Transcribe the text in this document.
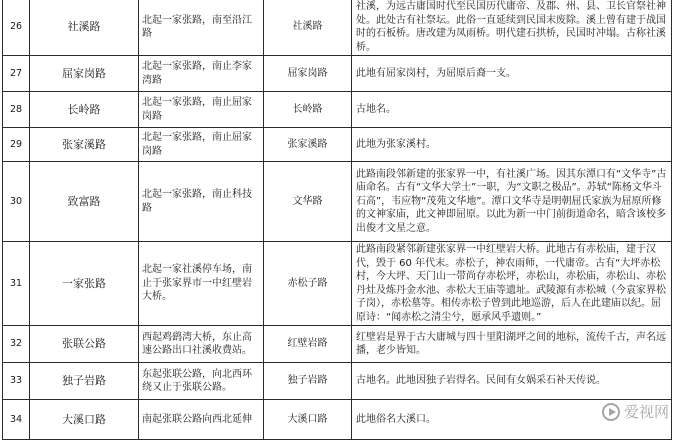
26	社溪路	北起一家张路，南至沿江路	社溪路	社溪，为远古庸国时代至民国历代庸帝、及郡、州、县、卫长官祭社神处。此处古有社祭坛。此俗一直延续到民国末废除。溪上曾有建于战国时的石板桥。唐改建为凤雨桥。明代建石拱桥，民国时冲塌。古称社溪桥。
27	屈家岗路	北起一家张路，南止李家湾路	屈家岗路	此地有屈家岗村，为屈原后裔一支。
28	长岭路	北起一家张路，南止屈家岗路	长岭路	古地名。
29	张家溪路	北起一家张路，南止屈家岗路	张家溪路	此地为张家溪村。
30	致富路	北起一家张路，南止科技路	文华路	此路南段邻新建的张家界一中，有社溪广场。因其东潭口有“文华寺”古庙命名。古有“文华大学士”一职，为“文职之极品”。苏轼“陈杨文华斗石高”，韦应物“茂苑文华地”。潭口文华寺是明朝屈氏家族为屈原所修的文神家庙，此文神即屈原。以此为新一中门前街道命名，暗含该校多出俊才文星之意。
31	一家张路	北起一家社溪停车场，南止于张家界市一中红壁岩大桥。	赤松子路	此路南段紧邻新建张家界一中红壁岩大桥。此地古有赤松庙，建于汉代，毁于 60 年代末。赤松子，神农雨师，一代庸帝。古有“大坪赤松村，今大坪、天门山一带尚存赤松坪，赤松山，赤松庙，赤松山、赤松丹灶及炼丹金水池、赤松大王庙等遗址。武陵源有赤松城（今袁家界松子岗），赤松墓等。相传赤松子曾到此地巡游，后人在此建庙以纪。屈原诗：“闻赤松之清尘兮，愿承风乎遗则。”
32	张联公路	西起鸡鹞湾大桥，东止高速公路出口社溪收费站。	红壁岩路	红壁岩是界于古大庸城与四十里阳湖坪之间的地标，流传千古，声名远播，老少皆知。
33	独子岩路	东起张联公路，向北西环绕又止于张联公路。	独子岩路	古地名。此地因独子岩得名。民间有女娲采石补天传说。
34	大溪口路	南起张联公路向西北延伸	大溪口路	此地俗名大溪口。	爱视网
